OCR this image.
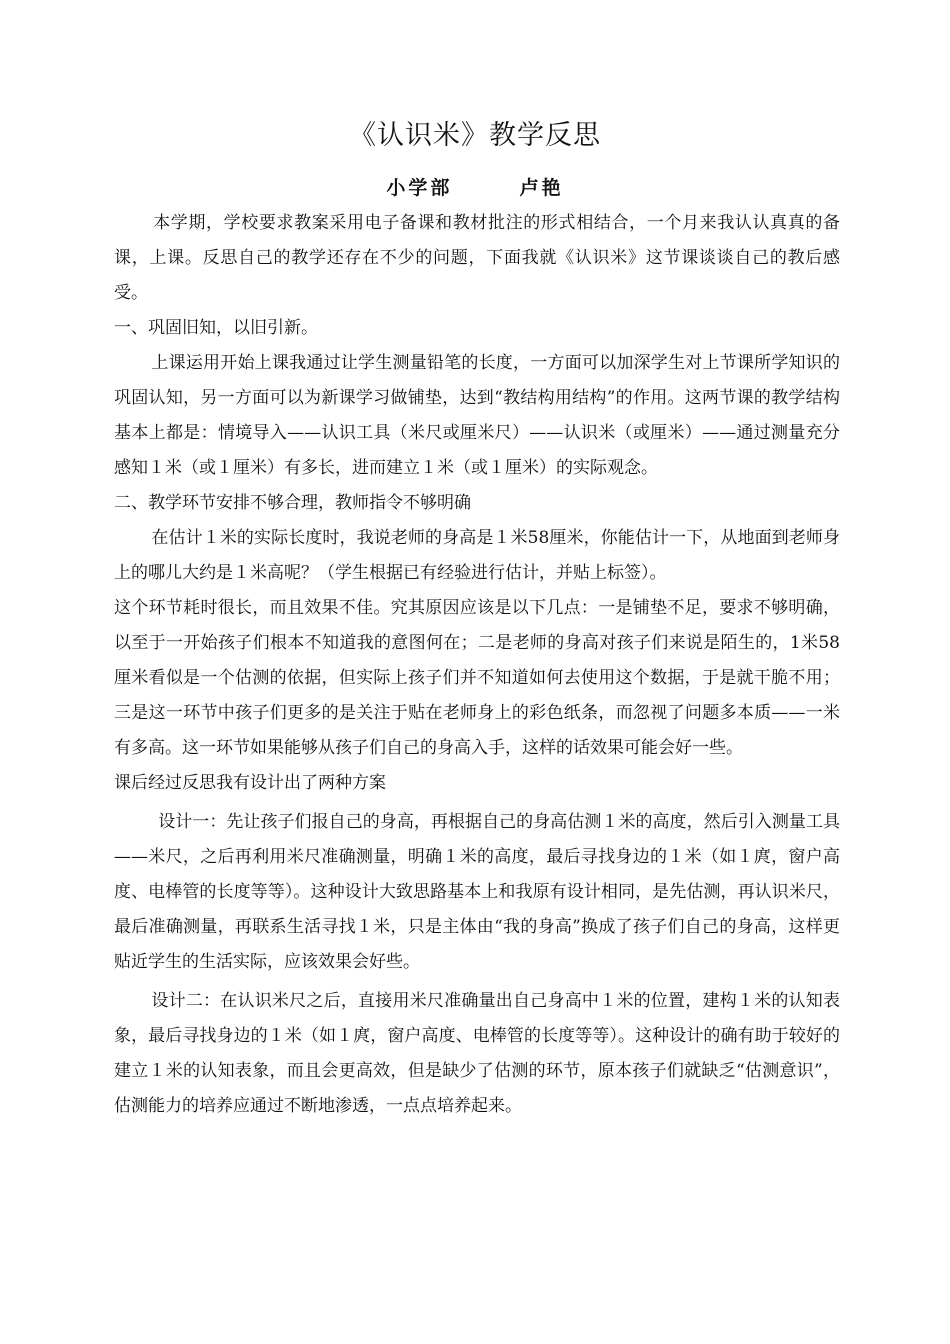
《认识米》教学反思
小学部       卢艳

本学期，学校要求教案采用电子备课和教材批注的形式相结合，一个月来我认认真真的备课，上课。反思自己的教学还存在不少的问题，下面我就《认识米》这节课谈谈自己的教后感受。

一、巩固旧知，以旧引新。

上课运用开始上课我通过让学生测量铅笔的长度，一方面可以加深学生对上节课所学知识的巩固认知，另一方面可以为新课学习做铺垫，达到“教结构用结构”的作用。这两节课的教学结构基本上都是：情境导入——认识工具（米尺或厘米尺）——认识米（或厘米）——通过测量充分感知１米（或１厘米）有多长，进而建立１米（或１厘米）的实际观念。

二、教学环节安排不够合理，教师指令不够明确

在估计１米的实际长度时，我说老师的身高是１米58厘米，你能估计一下，从地面到老师身上的哪儿大约是１米高呢？（学生根据已有经验进行估计，并贴上标签）。

这个环节耗时很长，而且效果不佳。究其原因应该是以下几点：一是铺垫不足，要求不够明确，以至于一开始孩子们根本不知道我的意图何在；二是老师的身高对孩子们来说是陌生的，1米58厘米看似是一个估测的依据，但实际上孩子们并不知道如何去使用这个数据，于是就干脆不用；三是这一环节中孩子们更多的是关注于贴在老师身上的彩色纸条，而忽视了问题多本质——一米有多高。这一环节如果能够从孩子们自己的身高入手，这样的话效果可能会好一些。

课后经过反思我有设计出了两种方案

设计一：先让孩子们报自己的身高，再根据自己的身高估测１米的高度，然后引入测量工具——米尺，之后再利用米尺准确测量，明确１米的高度，最后寻找身边的１米（如１庹，窗户高度、电棒管的长度等等）。这种设计大致思路基本上和我原有设计相同，是先估测，再认识米尺，最后准确测量，再联系生活寻找１米，只是主体由“我的身高”换成了孩子们自己的身高，这样更贴近学生的生活实际，应该效果会好些。

设计二：在认识米尺之后，直接用米尺准确量出自己身高中１米的位置，建构１米的认知表象，最后寻找身边的１米（如１庹，窗户高度、电棒管的长度等等）。这种设计的确有助于较好的建立１米的认知表象，而且会更高效，但是缺少了估测的环节，原本孩子们就缺乏“估测意识”，估测能力的培养应通过不断地渗透，一点点培养起来。
